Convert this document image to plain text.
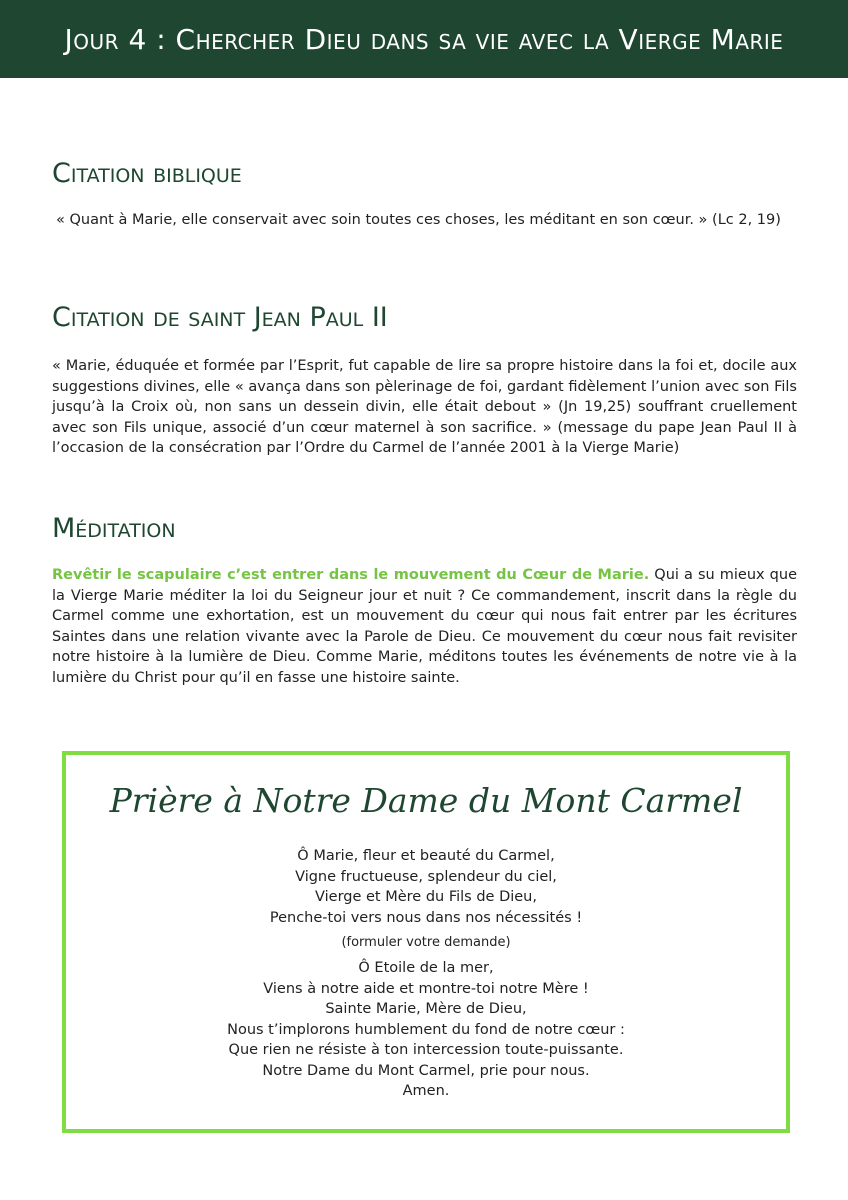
Jour 4 : Chercher Dieu dans sa vie avec la Vierge Marie
Citation biblique

« Quant à Marie, elle conservait avec soin toutes ces choses, les méditant en son cœur. » (Lc 2, 19)

Citation de saint Jean Paul II

« Marie, éduquée et formée par l’Esprit, fut capable de lire sa propre histoire dans la foi et, docile aux suggestions divines, elle « avança dans son pèlerinage de foi, gardant fidèlement l’union avec son Fils jusqu’à la Croix où, non sans un dessein divin, elle était debout » (Jn 19,25) souffrant cruellement avec son Fils unique, associé d’un cœur maternel à son sacrifice. » (message du pape Jean Paul II à l’occasion de la consécration par l’Ordre du Carmel de l’année 2001 à la Vierge Marie)

Méditation

Revêtir le scapulaire c’est entrer dans le mouvement du Cœur de Marie. Qui a su mieux que la Vierge Marie méditer la loi du Seigneur jour et nuit ? Ce commandement, inscrit dans la règle du Carmel comme une exhortation, est un mouvement du cœur qui nous fait entrer par les écritures Saintes dans une relation vivante avec la Parole de Dieu. Ce mouvement du cœur nous fait revisiter notre histoire à la lumière de Dieu. Comme Marie, méditons toutes les événements de notre vie à la lumière du Christ pour qu’il en fasse une histoire sainte.

Prière à Notre Dame du Mont Carmel
Ô Marie, fleur et beauté du Carmel,
Vigne fructueuse, splendeur du ciel,
Vierge et Mère du Fils de Dieu,
Penche-toi vers nous dans nos nécessités !
(formuler votre demande)
Ô Etoile de la mer,
Viens à notre aide et montre-toi notre Mère !
Sainte Marie, Mère de Dieu,
Nous t’implorons humblement du fond de notre cœur :
Que rien ne résiste à ton intercession toute-puissante.
Notre Dame du Mont Carmel, prie pour nous.
Amen.
